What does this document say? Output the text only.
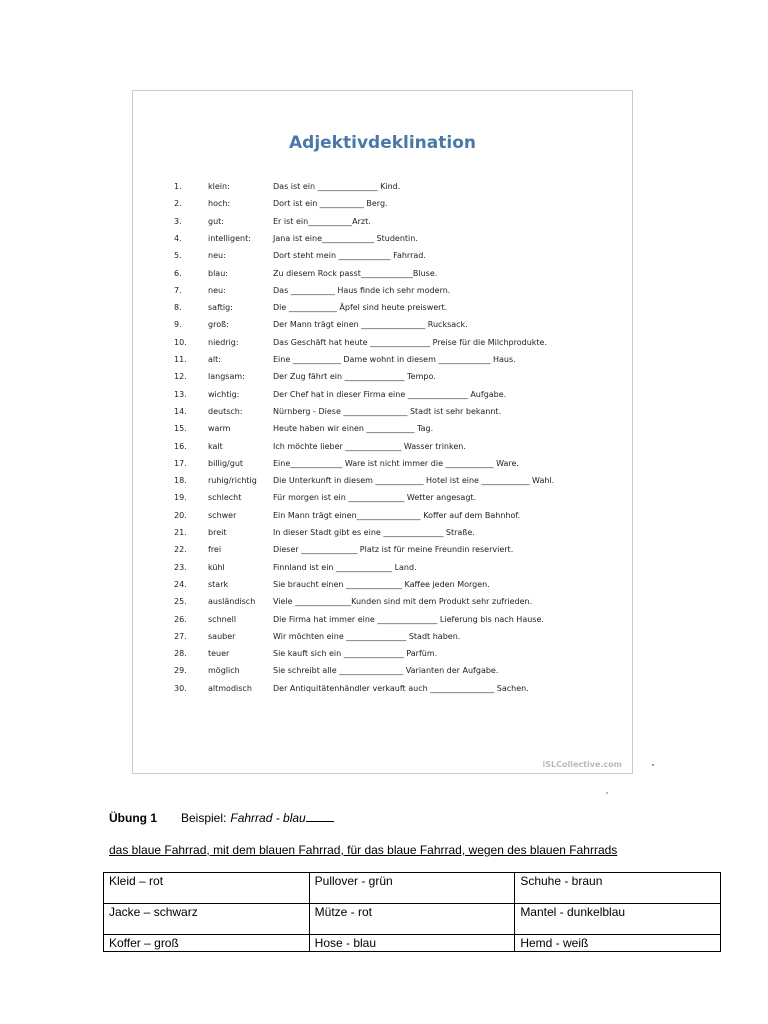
Adjektivdeklination
1.	klein:	Das ist ein _______________ Kind.
2.	hoch:	Dort ist ein ___________ Berg.
3.	gut:	Er ist ein___________Arzt.
4.	intelligent:	Jana ist eine_____________ Studentin.
5.	neu:	Dort steht mein _____________ Fahrrad.
6.	blau:	Zu diesem Rock passt_____________Bluse.
7.	neu:	Das ___________ Haus finde ich sehr modern.
8.	saftig:	Die ____________ Äpfel sind heute preiswert.
9.	groß:	Der Mann trägt einen ________________ Rucksack.
10.	niedrig:	Das Geschäft hat heute _______________ Preise für die Milchprodukte.
11.	alt:	Eine ____________ Dame wohnt in diesem _____________ Haus.
12.	langsam:	Der Zug fährt ein _______________ Tempo.
13.	wichtig:	Der Chef hat in dieser Firma eine _______________ Aufgabe.
14.	deutsch:	Nürnberg - Diese ________________ Stadt ist sehr bekannt.
15.	warm	Heute haben wir einen ____________ Tag.
16.	kalt	Ich möchte lieber ______________ Wasser trinken.
17.	billig/gut	Eine_____________ Ware ist nicht immer die ____________ Ware.
18.	ruhig/richtig Die Unterkunft in diesem ____________ Hotel ist eine ____________ Wahl.
19.	schlecht	Für morgen ist ein ______________ Wetter angesagt.
20.	schwer	Ein Mann trägt einen________________ Koffer auf dem Bahnhof.
21.	breit	In dieser Stadt gibt es eine _______________ Straße.
22.	frei	Dieser ______________ Platz ist für meine Freundin reserviert.
23.	kühl	Finnland ist ein ______________ Land.
24.	stark	Sie braucht einen ______________ Kaffee jeden Morgen.
25.	ausländisch Viele ______________Kunden sind mit dem Produkt sehr zufrieden.
26.	schnell	Die Firma hat immer eine _______________ Lieferung bis nach Hause.
27.	sauber	Wir möchten eine _______________ Stadt haben.
28.	teuer	Sie kauft sich ein _______________ Parfüm.
29.	möglich	Sie schreibt alle ________________ Varianten der Aufgabe.
30.	altmodisch	Der Antiquitätenhändler verkauft auch ________________ Sachen.
iSLCollective.com
Übung 1 Beispiel: Fahrrad - blau
das blaue Fahrrad, mit dem blauen Fahrrad, für das blaue Fahrrad, wegen des blauen Fahrrads
Kleid – rot	Pullover - grün	Schuhe - braun
Jacke – schwarz	Mütze - rot	Mantel - dunkelblau
Koffer – groß	Hose - blau	Hemd - weiß
